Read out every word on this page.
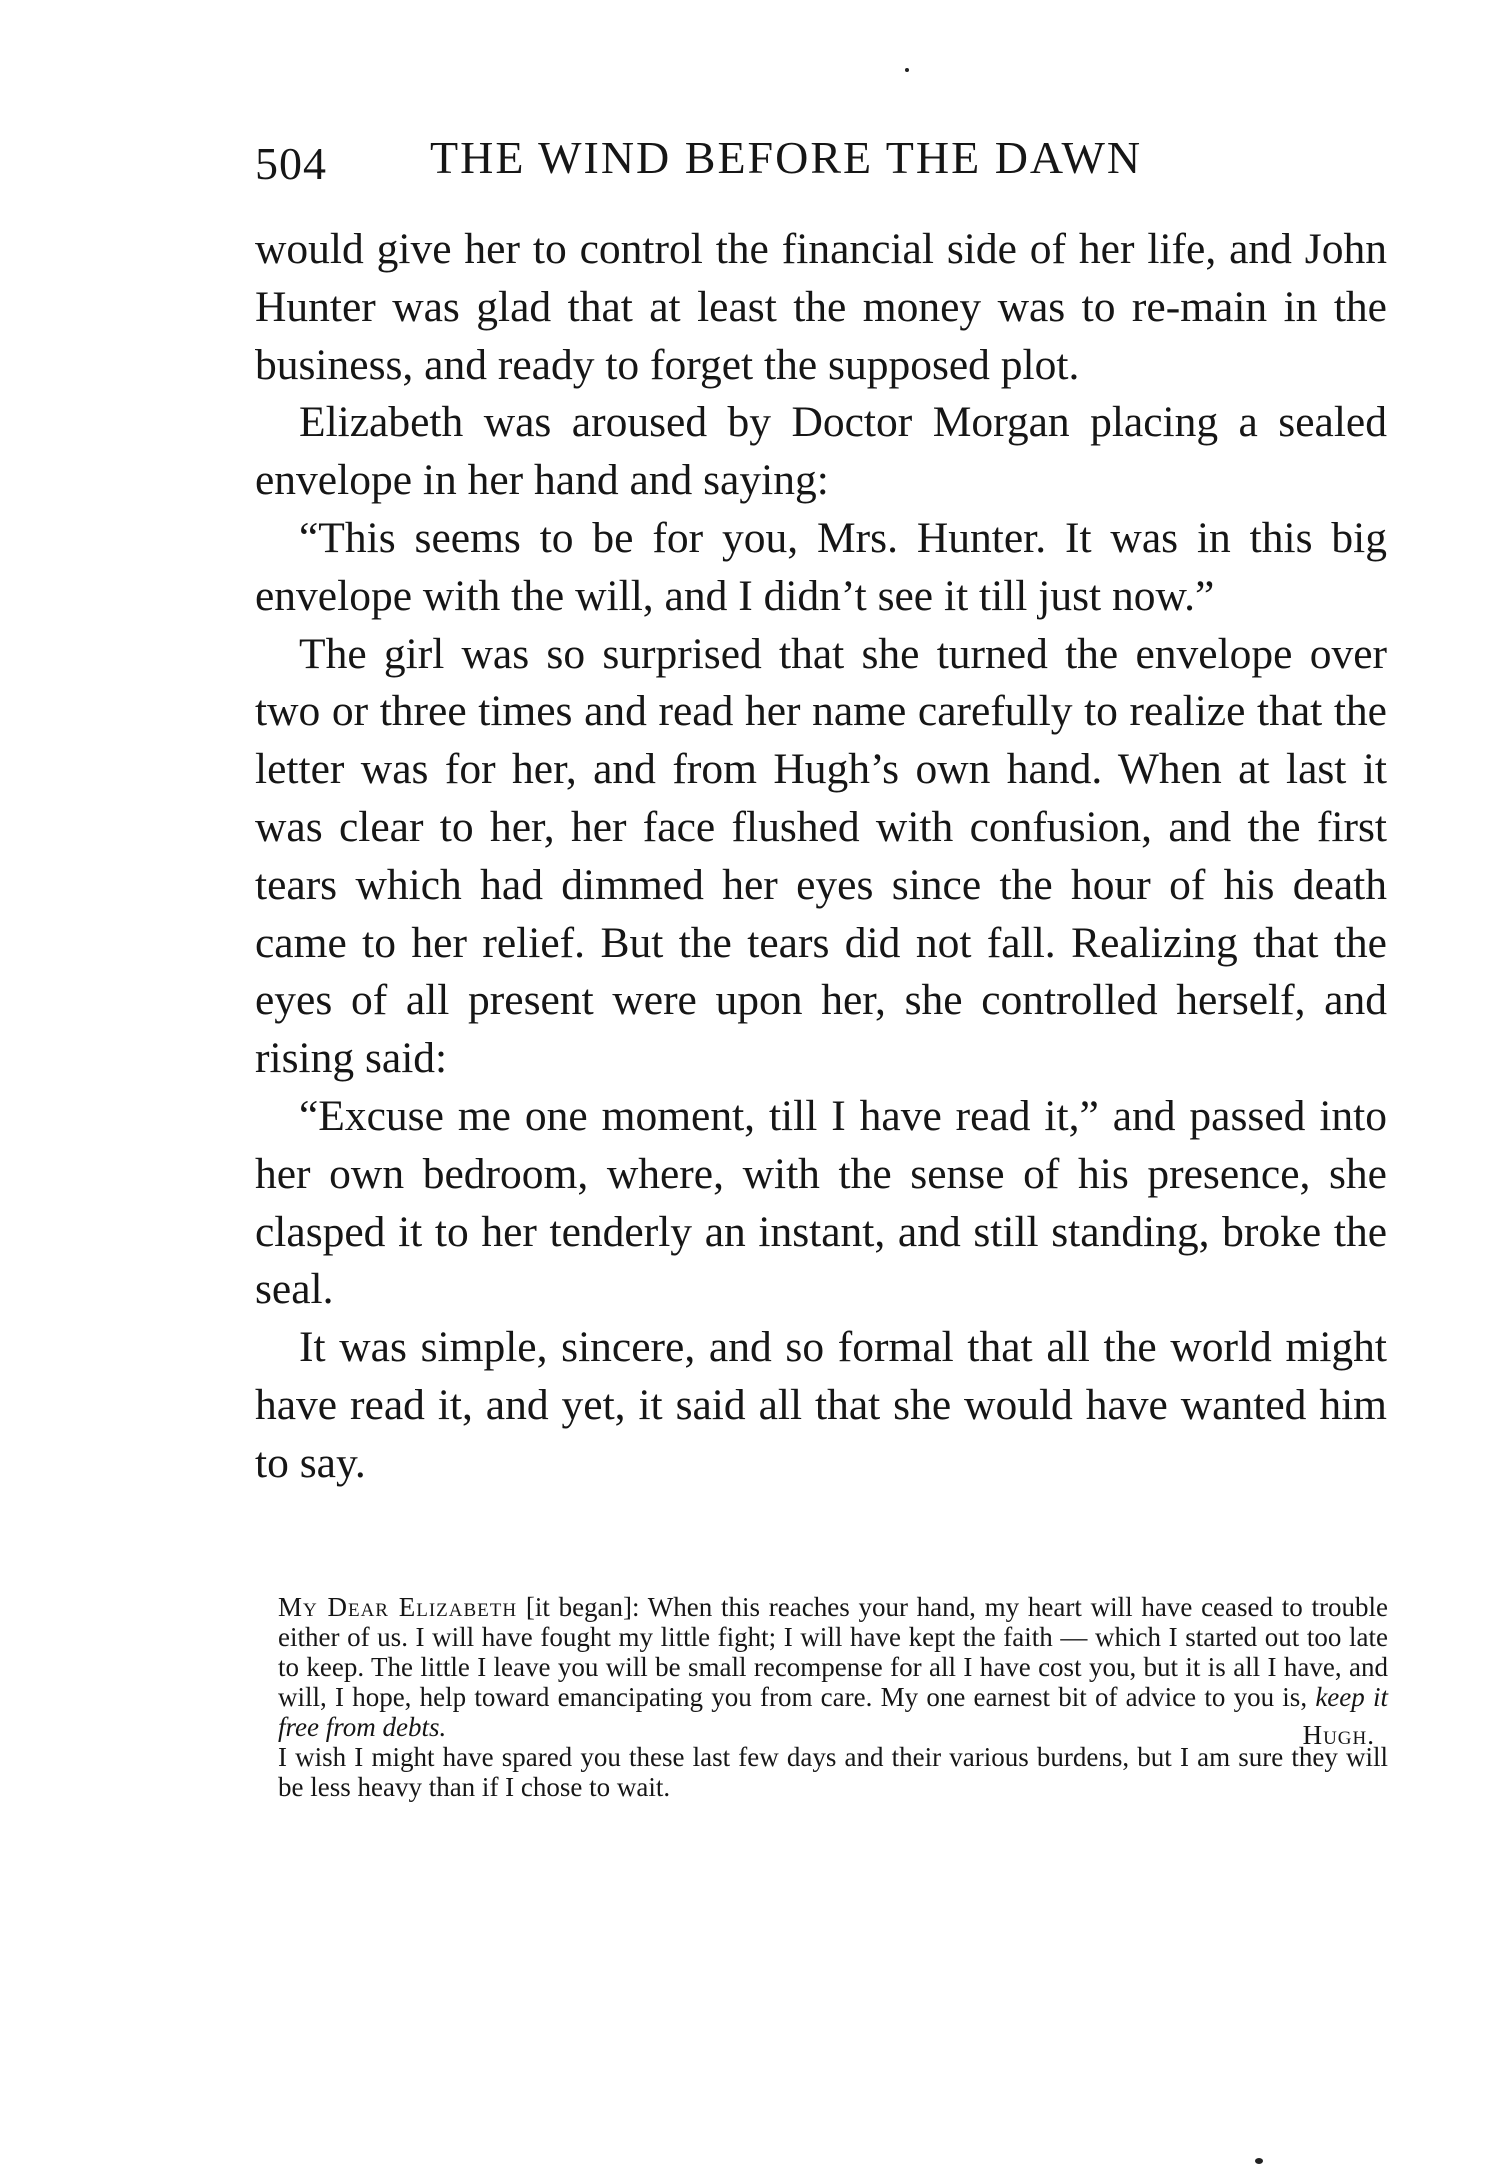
504 THE WIND BEFORE THE DAWN

would give her to control the financial side of her life, and John Hunter was glad that at least the money was to re-main in the business, and ready to forget the supposed plot.

Elizabeth was aroused by Doctor Morgan placing a sealed envelope in her hand and saying:

“This seems to be for you, Mrs. Hunter. It was in this big envelope with the will, and I didn’t see it till just now.”

The girl was so surprised that she turned the envelope over two or three times and read her name carefully to realize that the letter was for her, and from Hugh’s own hand. When at last it was clear to her, her face flushed with confusion, and the first tears which had dimmed her eyes since the hour of his death came to her relief. But the tears did not fall. Realizing that the eyes of all present were upon her, she controlled herself, and rising said:

“Excuse me one moment, till I have read it,” and passed into her own bedroom, where, with the sense of his presence, she clasped it to her tenderly an instant, and still standing, broke the seal.

It was simple, sincere, and so formal that all the world might have read it, and yet, it said all that she would have wanted him to say.

My Dear Elizabeth [it began]: When this reaches your hand, my heart will have ceased to trouble either of us. I will have fought my little fight; I will have kept the faith — which I started out too late to keep. The little I leave you will be small recompense for all I have cost you, but it is all I have, and will, I hope, help toward emancipating you from care. My one earnest bit of advice to you is, keep it free from debts.

I wish I might have spared you these last few days and their various burdens, but I am sure they will be less heavy than if I chose to wait.

Hugh.
